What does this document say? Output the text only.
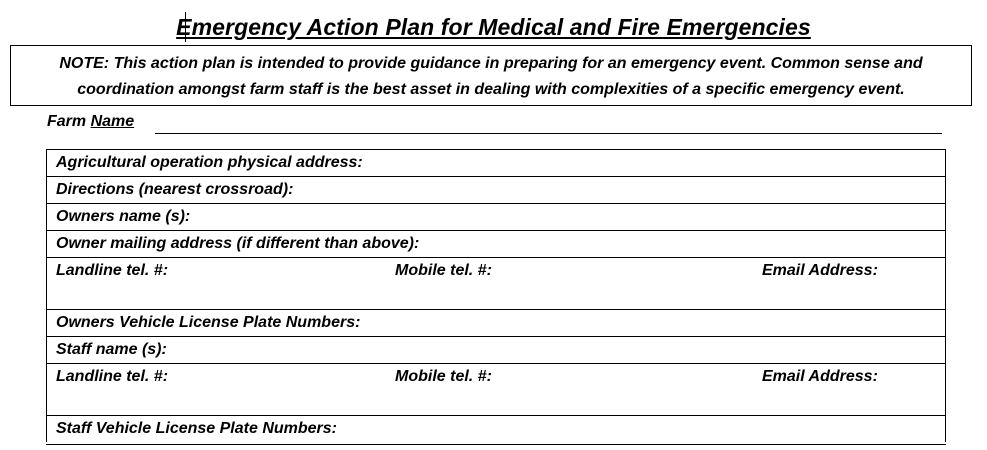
Emergency Action Plan for Medical and Fire Emergencies
NOTE: This action plan is intended to provide guidance in preparing for an emergency event. Common sense and coordination amongst farm staff is the best asset in dealing with complexities of a specific emergency event.
Farm Name
Agricultural operation physical address:
Directions (nearest crossroad):
Owners name (s):
Owner mailing address (if different than above):
Landline tel. #:	Mobile tel. #:	Email Address:
Owners Vehicle License Plate Numbers:
Staff name (s):
Landline tel. #:	Mobile tel. #:	Email Address:
Staff Vehicle License Plate Numbers:
